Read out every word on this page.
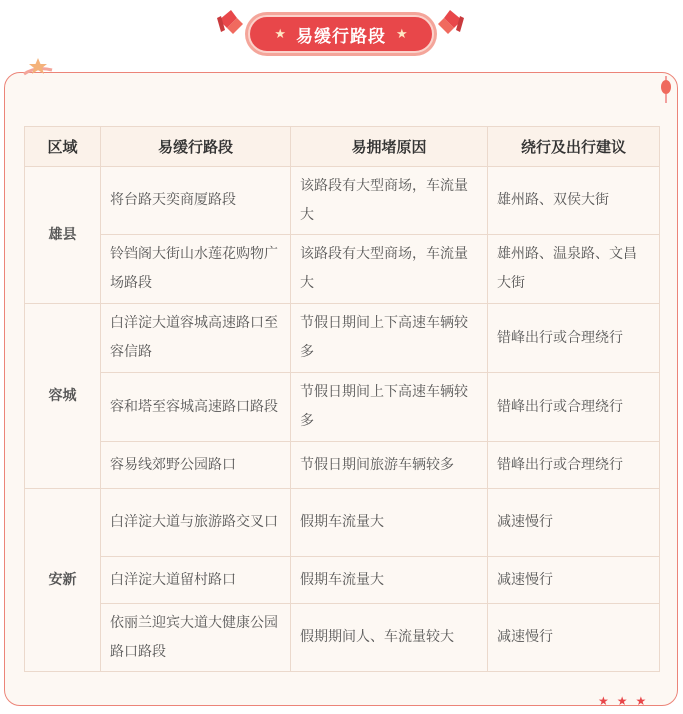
★ 易缓行路段 ★
区域	易缓行路段	易拥堵原因	绕行及出行建议
雄县	将台路天奕商厦路段	该路段有大型商场，车流量大	雄州路、双侯大街
	铃铛阁大街山水莲花购物广场路段	该路段有大型商场，车流量大	雄州路、温泉路、文昌大街
容城	白洋淀大道容城高速路口至容信路	节假日期间上下高速车辆较多	错峰出行或合理绕行
	容和塔至容城高速路口路段	节假日期间上下高速车辆较多	错峰出行或合理绕行
	容易线郊野公园路口	节假日期间旅游车辆较多	错峰出行或合理绕行
安新	白洋淀大道与旅游路交叉口	假期车流量大	减速慢行
	白洋淀大道留村路口	假期车流量大	减速慢行
	依丽兰迎宾大道大健康公园路口路段	假期期间人、车流量较大	减速慢行
★★★
